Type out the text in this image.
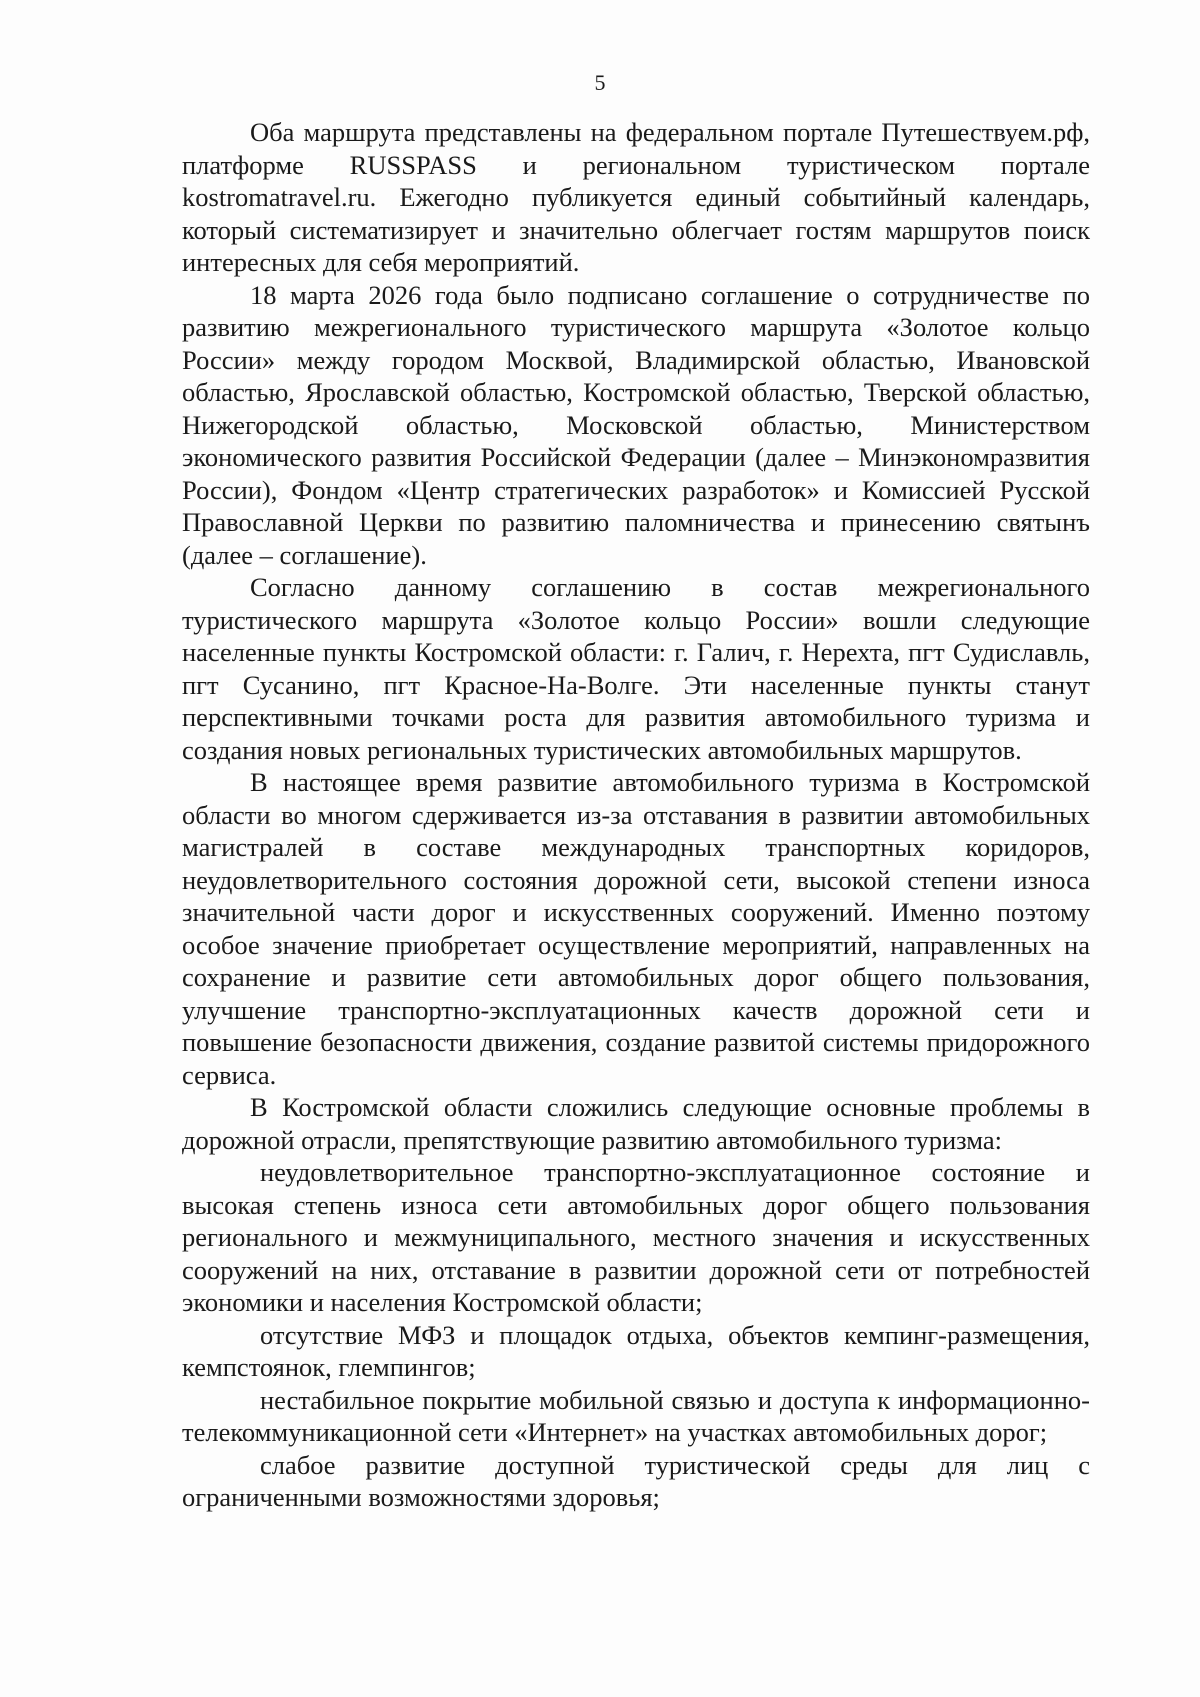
5

Оба маршрута представлены на федеральном портале Путешествуем.рф, платформе RUSSPASS и региональном туристическом портале kostromatravel.ru. Ежегодно публикуется единый событийный календарь, который систематизирует и значительно облегчает гостям маршрутов поиск интересных для себя мероприятий.

18 марта 2026 года было подписано соглашение о сотрудничестве по развитию межрегионального туристического маршрута «Золотое кольцо России» между городом Москвой, Владимирской областью, Ивановской областью, Ярославской областью, Костромской областью, Тверской областью, Нижегородской областью, Московской областью, Министерством экономического развития Российской Федерации (далее – Минэкономразвития России), Фондом «Центр стратегических разработок» и Комиссией Русской Православной Церкви по развитию паломничества и принесению святынъ (далее – соглашение).

Согласно данному соглашению в состав межрегионального туристического маршрута «Золотое кольцо России» вошли следующие населенные пункты Костромской области: г. Галич, г. Нерехта, пгт Судиславль, пгт Сусанино, пгт Красное-На-Волге. Эти населенные пункты станут перспективными точками роста для развития автомобильного туризма и создания новых региональных туристических автомобильных маршрутов.

В настоящее время развитие автомобильного туризма в Костромской области во многом сдерживается из-за отставания в развитии автомобильных магистралей в составе международных транспортных коридоров, неудовлетворительного состояния дорожной сети, высокой степени износа значительной части дорог и искусственных сооружений. Именно поэтому особое значение приобретает осуществление мероприятий, направленных на сохранение и развитие сети автомобильных дорог общего пользования, улучшение транспортно-эксплуатационных качеств дорожной сети и повышение безопасности движения, создание развитой системы придорожного сервиса.

В Костромской области сложились следующие основные проблемы в дорожной отрасли, препятствующие развитию автомобильного туризма:

неудовлетворительное транспортно-эксплуатационное состояние и высокая степень износа сети автомобильных дорог общего пользования регионального и межмуниципального, местного значения и искусственных сооружений на них, отставание в развитии дорожной сети от потребностей экономики и населения Костромской области;

отсутствие МФЗ и площадок отдыха, объектов кемпинг-размещения, кемпстоянок, глемпингов;

нестабильное покрытие мобильной связью и доступа к информационно-телекоммуникационной сети «Интернет» на участках автомобильных дорог;

слабое развитие доступной туристической среды для лиц с ограниченными возможностями здоровья;
